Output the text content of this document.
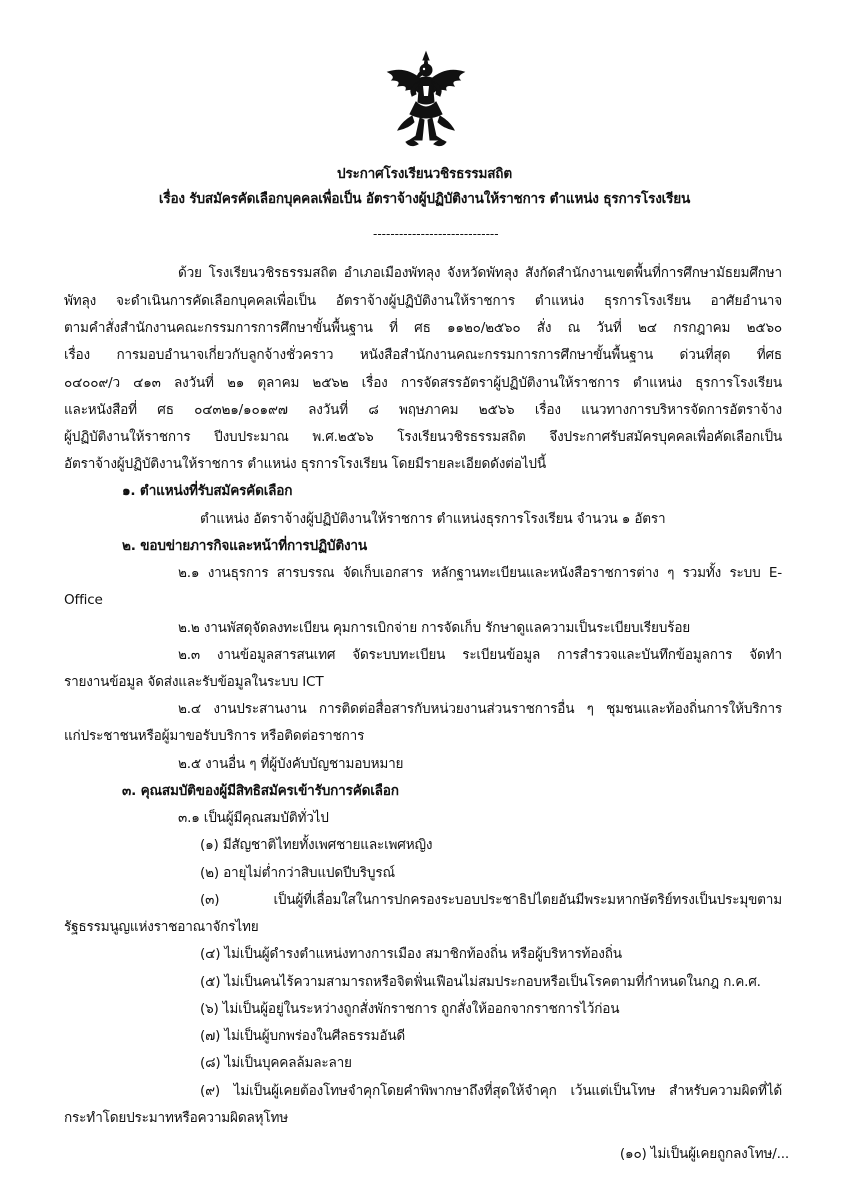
ประกาศโรงเรียนวชิรธรรมสถิต
เรื่อง รับสมัครคัดเลือกบุคคลเพื่อเป็น อัตราจ้างผู้ปฏิบัติงานให้ราชการ ตำแหน่ง ธุรการโรงเรียน
-----------------------------
ด้วย โรงเรียนวชิรธรรมสถิต อำเภอเมืองพัทลุง จังหวัดพัทลุง สังกัดสำนักงานเขตพื้นที่การศึกษามัธยมศึกษา
พัทลุง จะดำเนินการคัดเลือกบุคคลเพื่อเป็น อัตราจ้างผู้ปฏิบัติงานให้ราชการ ตำแหน่ง ธุรการโรงเรียน อาศัยอำนาจ
ตามคำสั่งสำนักงานคณะกรรมการการศึกษาขั้นพื้นฐาน ที่ ศธ ๑๑๒๐/๒๕๖๐ สั่ง ณ วันที่ ๒๔ กรกฎาคม ๒๕๖๐
เรื่อง การมอบอำนาจเกี่ยวกับลูกจ้างชั่วคราว หนังสือสำนักงานคณะกรรมการการศึกษาขั้นพื้นฐาน ด่วนที่สุด ที่ศธ
๐๔๐๐๙/ว ๔๑๓ ลงวันที่ ๒๑ ตุลาคม ๒๕๖๒ เรื่อง การจัดสรรอัตราผู้ปฏิบัติงานให้ราชการ ตำแหน่ง ธุรการโรงเรียน
และหนังสือที่ ศธ ๐๔๓๒๑/๑๐๑๙๗ ลงวันที่ ๘ พฤษภาคม ๒๕๖๖ เรื่อง แนวทางการบริหารจัดการอัตราจ้าง
ผู้ปฏิบัติงานให้ราชการ ปีงบประมาณ พ.ศ.๒๕๖๖ โรงเรียนวชิรธรรมสถิต จึงประกาศรับสมัครบุคคลเพื่อคัดเลือกเป็น
อัตราจ้างผู้ปฏิบัติงานให้ราชการ ตำแหน่ง ธุรการโรงเรียน โดยมีรายละเอียดดังต่อไปนี้
๑. ตำแหน่งที่รับสมัครคัดเลือก
ตำแหน่ง อัตราจ้างผู้ปฏิบัติงานให้ราชการ ตำแหน่งธุรการโรงเรียน จำนวน ๑ อัตรา
๒. ขอบข่ายภารกิจและหน้าที่การปฏิบัติงาน
๒.๑ งานธุรการ สารบรรณ จัดเก็บเอกสาร หลักฐานทะเบียนและหนังสือราชการต่าง ๆ รวมทั้ง ระบบ E-
Office
๒.๒ งานพัสดุจัดลงทะเบียน คุมการเบิกจ่าย การจัดเก็บ รักษาดูแลความเป็นระเบียบเรียบร้อย
๒.๓ งานข้อมูลสารสนเทศ จัดระบบทะเบียน ระเบียนข้อมูล การสำรวจและบันทึกข้อมูลการ จัดทำ
รายงานข้อมูล จัดส่งและรับข้อมูลในระบบ ICT
๒.๔ งานประสานงาน การติดต่อสื่อสารกับหน่วยงานส่วนราชการอื่น ๆ ชุมชนและท้องถิ่นการให้บริการ
แก่ประชาชนหรือผู้มาขอรับบริการ หรือติดต่อราชการ
๒.๕ งานอื่น ๆ ที่ผู้บังคับบัญชามอบหมาย
๓. คุณสมบัติของผู้มีสิทธิสมัครเข้ารับการคัดเลือก
๓.๑ เป็นผู้มีคุณสมบัติทั่วไป
(๑) มีสัญชาติไทยทั้งเพศชายและเพศหญิง
(๒) อายุไม่ต่ำกว่าสิบแปดปีบริบูรณ์
(๓) เป็นผู้ที่เลื่อมใสในการปกครองระบอบประชาธิปไตยอันมีพระมหากษัตริย์ทรงเป็นประมุขตาม
รัฐธรรมนูญแห่งราชอาณาจักรไทย
(๔) ไม่เป็นผู้ดำรงตำแหน่งทางการเมือง สมาชิกท้องถิ่น หรือผู้บริหารท้องถิ่น
(๕) ไม่เป็นคนไร้ความสามารถหรือจิตฟั่นเฟือนไม่สมประกอบหรือเป็นโรคตามที่กำหนดในกฎ ก.ค.ศ.
(๖) ไม่เป็นผู้อยู่ในระหว่างถูกสั่งพักราชการ ถูกสั่งให้ออกจากราชการไว้ก่อน
(๗) ไม่เป็นผู้บกพร่องในศีลธรรมอันดี
(๘) ไม่เป็นบุคคลล้มละลาย
(๙) ไม่เป็นผู้เคยต้องโทษจำคุกโดยคำพิพากษาถึงที่สุดให้จำคุก เว้นแต่เป็นโทษ สำหรับความผิดที่ได้
กระทำโดยประมาทหรือความผิดลหุโทษ
(๑๐) ไม่เป็นผู้เคยถูกลงโทษ/...
